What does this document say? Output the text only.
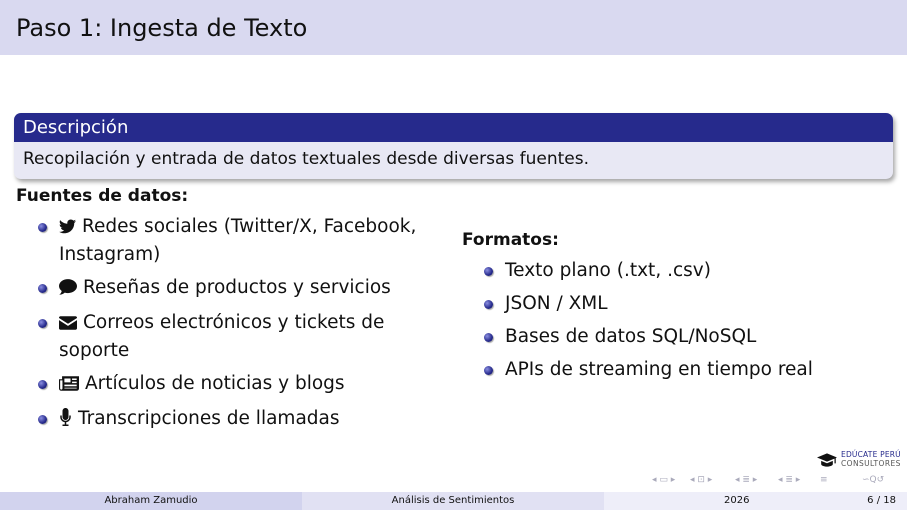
Paso 1: Ingesta de Texto
Descripción
Recopilación y entrada de datos textuales desde diversas fuentes.

Fuentes de datos:

Redes sociales (Twitter/X, Facebook, Instagram)
Reseñas de productos y servicios
Correos electrónicos y tickets de soporte
Artículos de noticias y blogs
Transcripciones de llamadas

Formatos:

Texto plano (.txt, .csv)
JSON / XML
Bases de datos SQL/NoSQL
APIs de streaming en tiempo real
EDÚCATE PERÚ
CONSULTORES
◂ ▭ ▸ ◂ ⊡ ▸	◂ ≣ ▸ ◂ ≣ ▸ ≡	∽Q↺
Abraham Zamudio	Análisis de Sentimientos	2026	6 / 18
